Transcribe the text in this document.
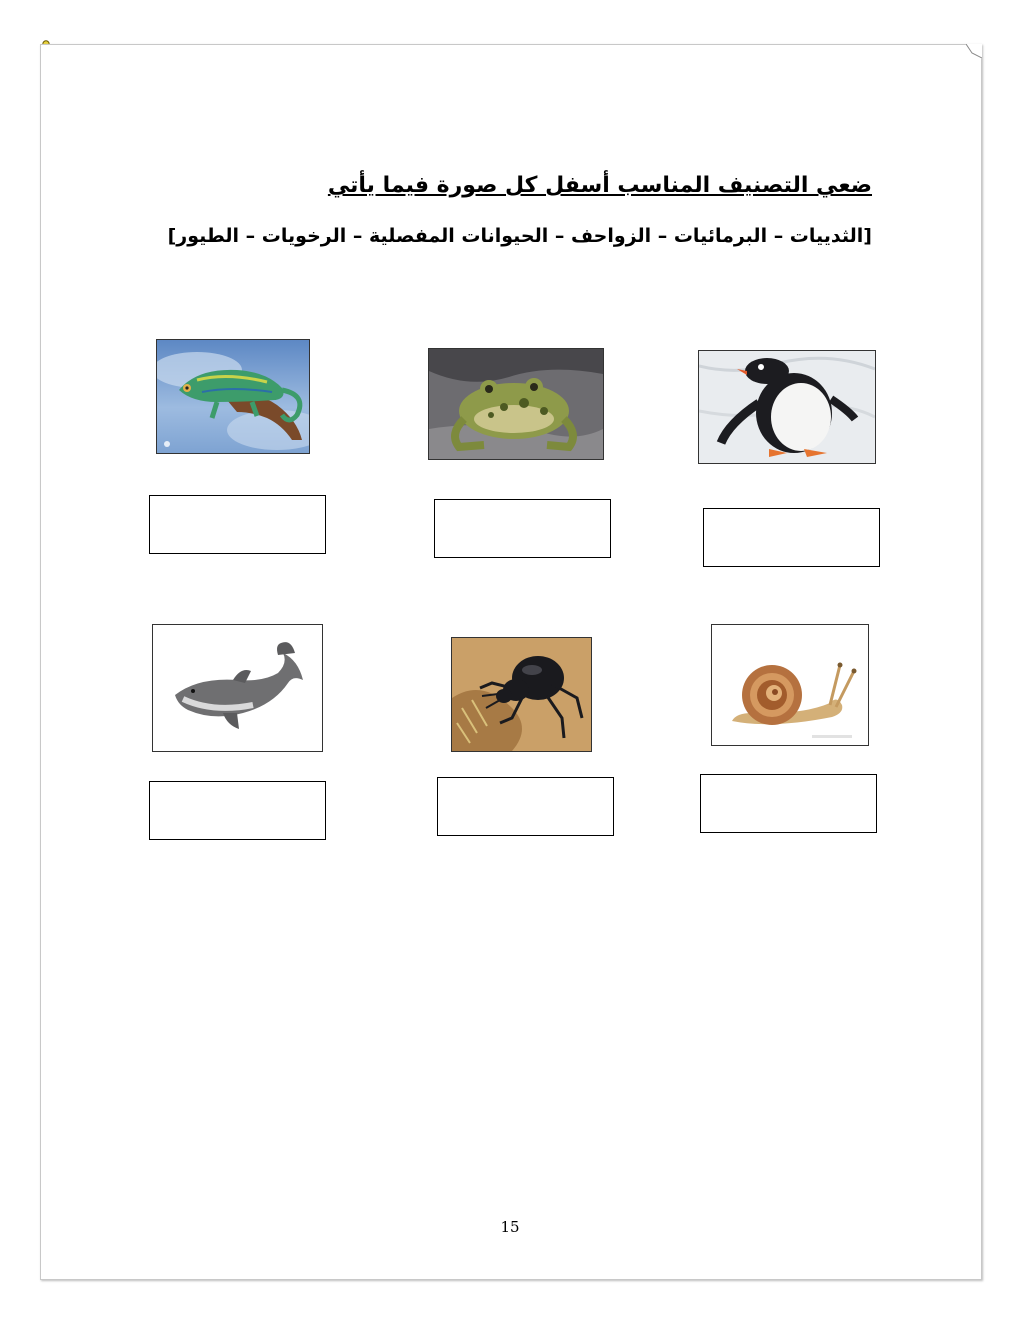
ضعي التصنيف المناسب أسفل كل صورة فيما يأتي
[الثدييات – البرمائيات – الزواحف – الحيوانات المفصلية – الرخويات – الطيور]
15
